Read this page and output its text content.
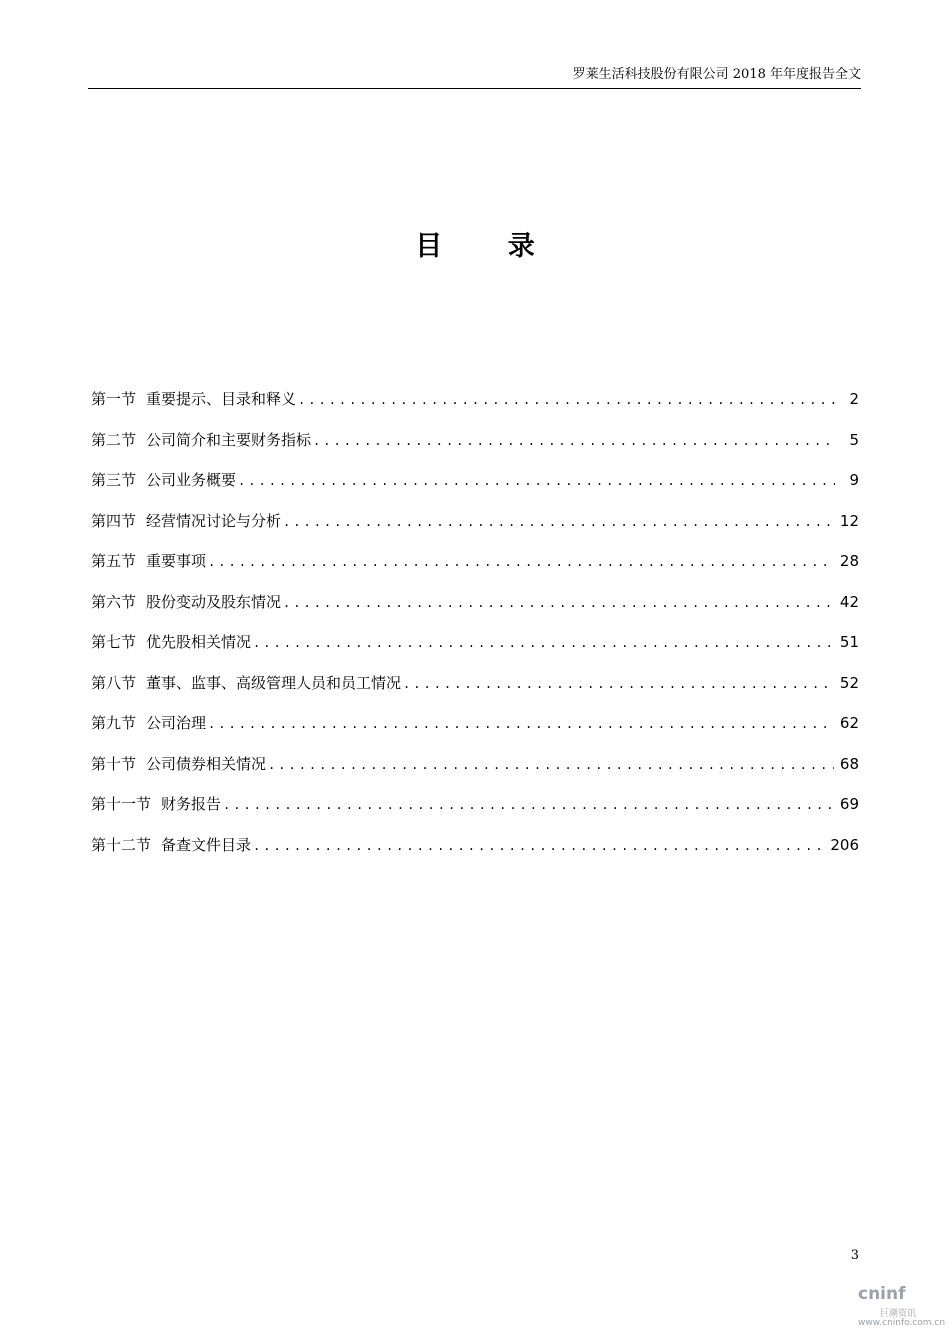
罗莱生活科技股份有限公司 2018 年年度报告全文
目 录
第一节 重要提示、目录和释义 .....	2
第二节 公司简介和主要财务指标 .....	5
第三节 公司业务概要 .....	9
第四节 经营情况讨论与分析 .....	12
第五节 重要事项 .....	28
第六节 股份变动及股东情况 .....	42
第七节 优先股相关情况 .....	51
第八节 董事、监事、高级管理人员和员工情况 .....	52
第九节 公司治理 .....	62
第十节 公司债券相关情况 .....	68
第十一节 财务报告 .....	69
第十二节 备查文件目录 .....	206
3
cninf
巨潮资讯
www.cninfo.com.cn
